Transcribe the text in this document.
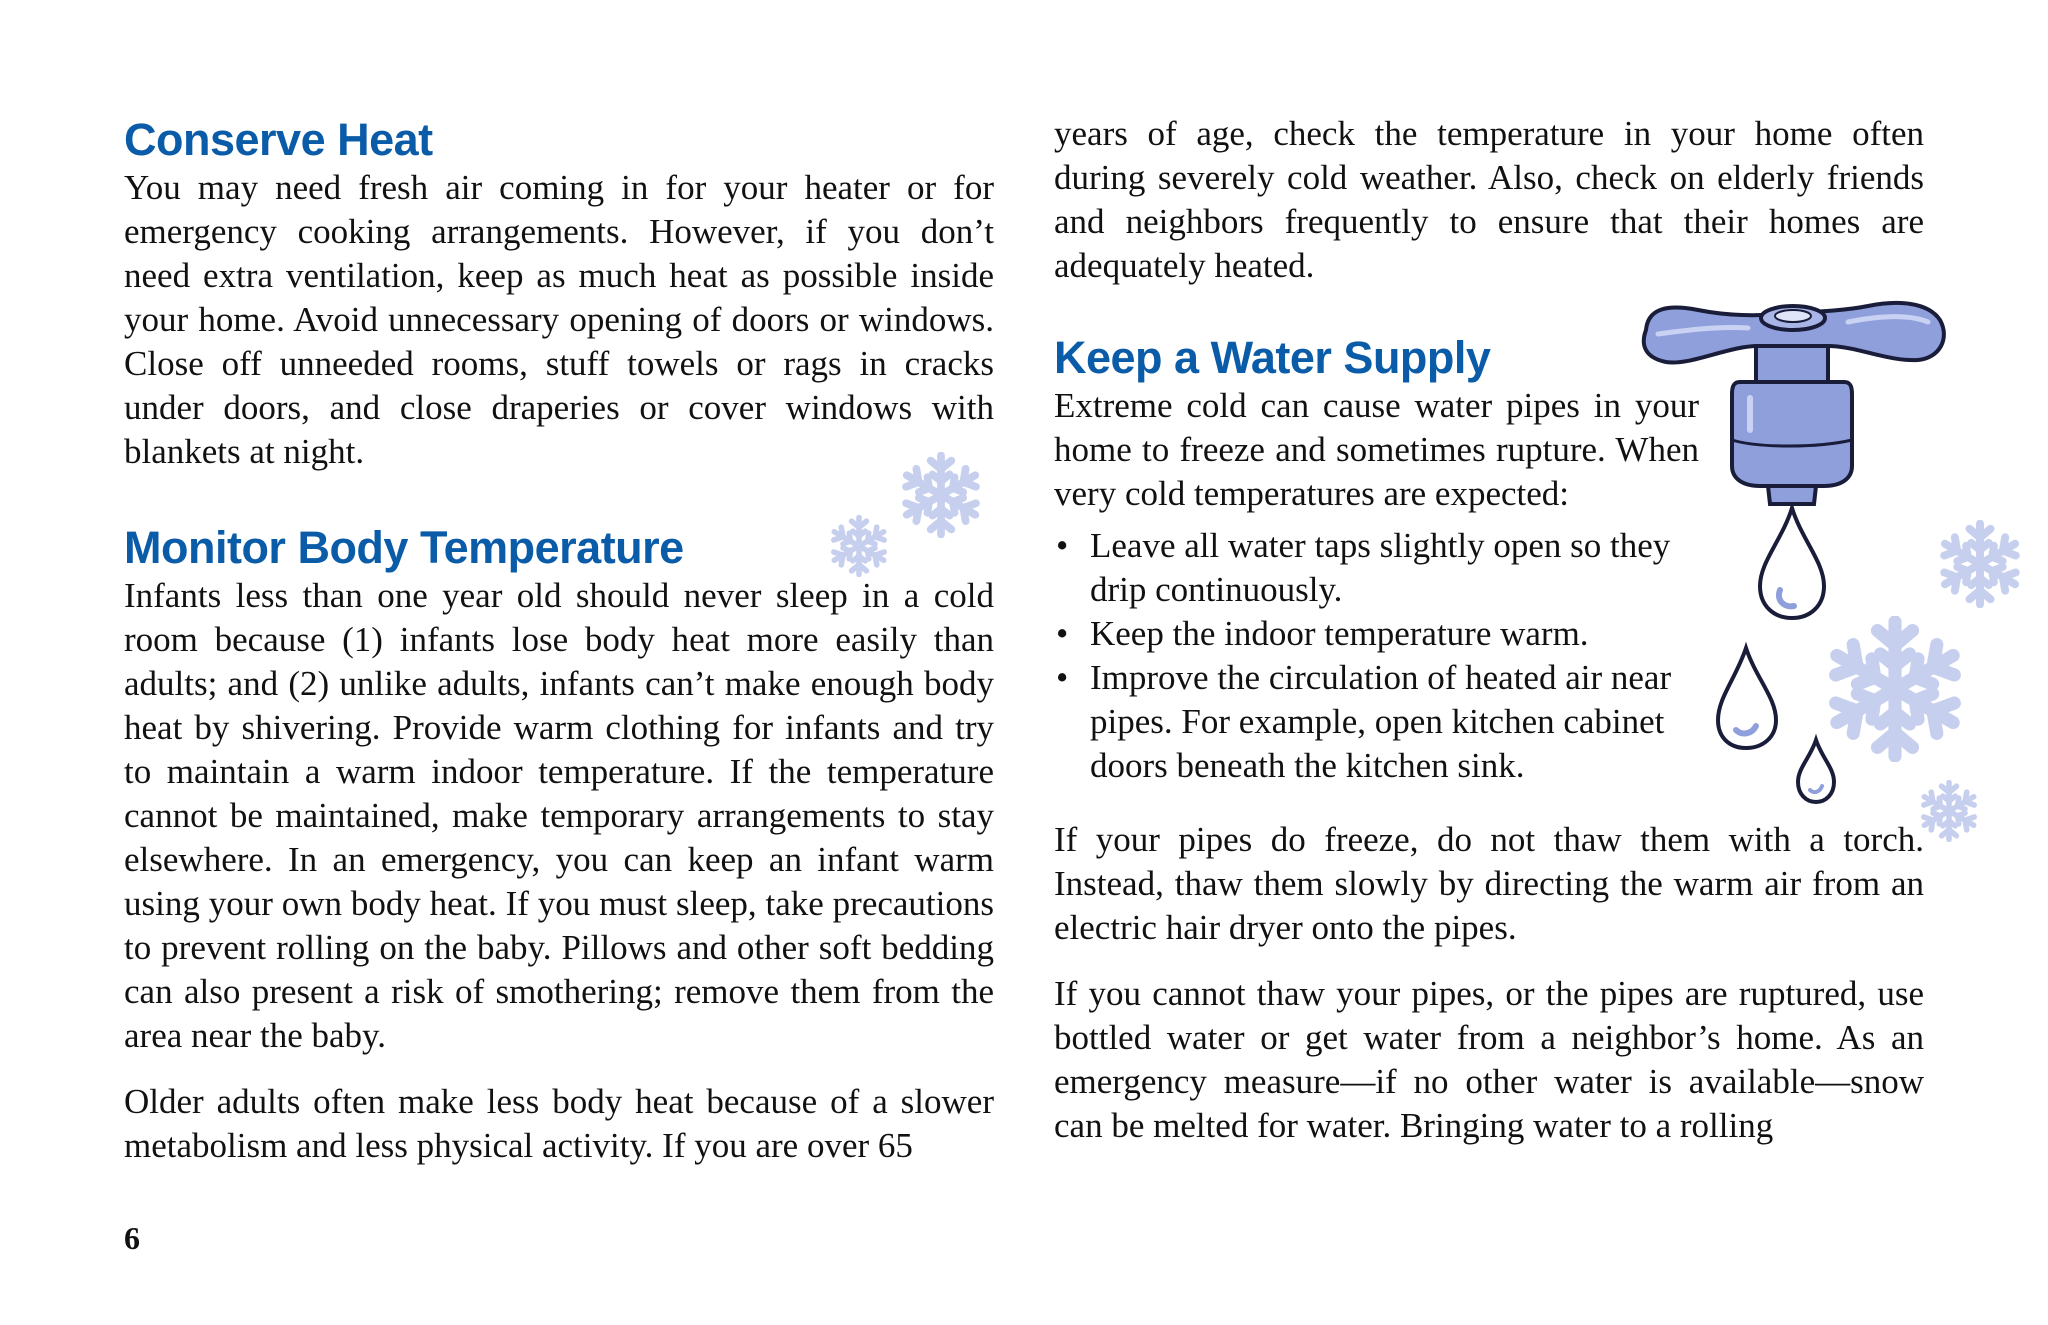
Conserve Heat

You may need fresh air coming in for your heater or for emergency cooking arrangements. However, if you don’t need extra ventilation, keep as much heat as possible inside your home. Avoid unnecessary opening of doors or windows. Close off unneeded rooms, stuff towels or rags in cracks under doors, and close draperies or cover windows with blankets at night.

Monitor Body Temperature

Infants less than one year old should never sleep in a cold room because (1) infants lose body heat more easily than adults; and (2) unlike adults, infants can’t make enough body heat by shivering. Provide warm clothing for infants and try to maintain a warm indoor temperature. If the temperature cannot be maintained, make temporary arrangements to stay elsewhere. In an emergency, you can keep an infant warm using your own body heat. If you must sleep, take precautions to prevent rolling on the baby. Pillows and other soft bedding can also present a risk of smothering; remove them from the area near the baby.

Older adults often make less body heat because of a slower metabolism and less physical activity. If you are over 65

years of age, check the temperature in your home often during severely cold weather. Also, check on elderly friends and neighbors frequently to ensure that their homes are adequately heated.

Keep a Water Supply

Extreme cold can cause water pipes in your home to freeze and sometimes rupture. When very cold temperatures are expected:

• Leave all water taps slightly open so they drip continuously.
• Keep the indoor temperature warm.
• Improve the circulation of heated air near pipes. For example, open kitchen cabinet doors beneath the kitchen sink.

If your pipes do freeze, do not thaw them with a torch. Instead, thaw them slowly by directing the warm air from an electric hair dryer onto the pipes.

If you cannot thaw your pipes, or the pipes are ruptured, use bottled water or get water from a neighbor’s home. As an emergency measure—if no other water is available—snow can be melted for water. Bringing water to a rolling

6
